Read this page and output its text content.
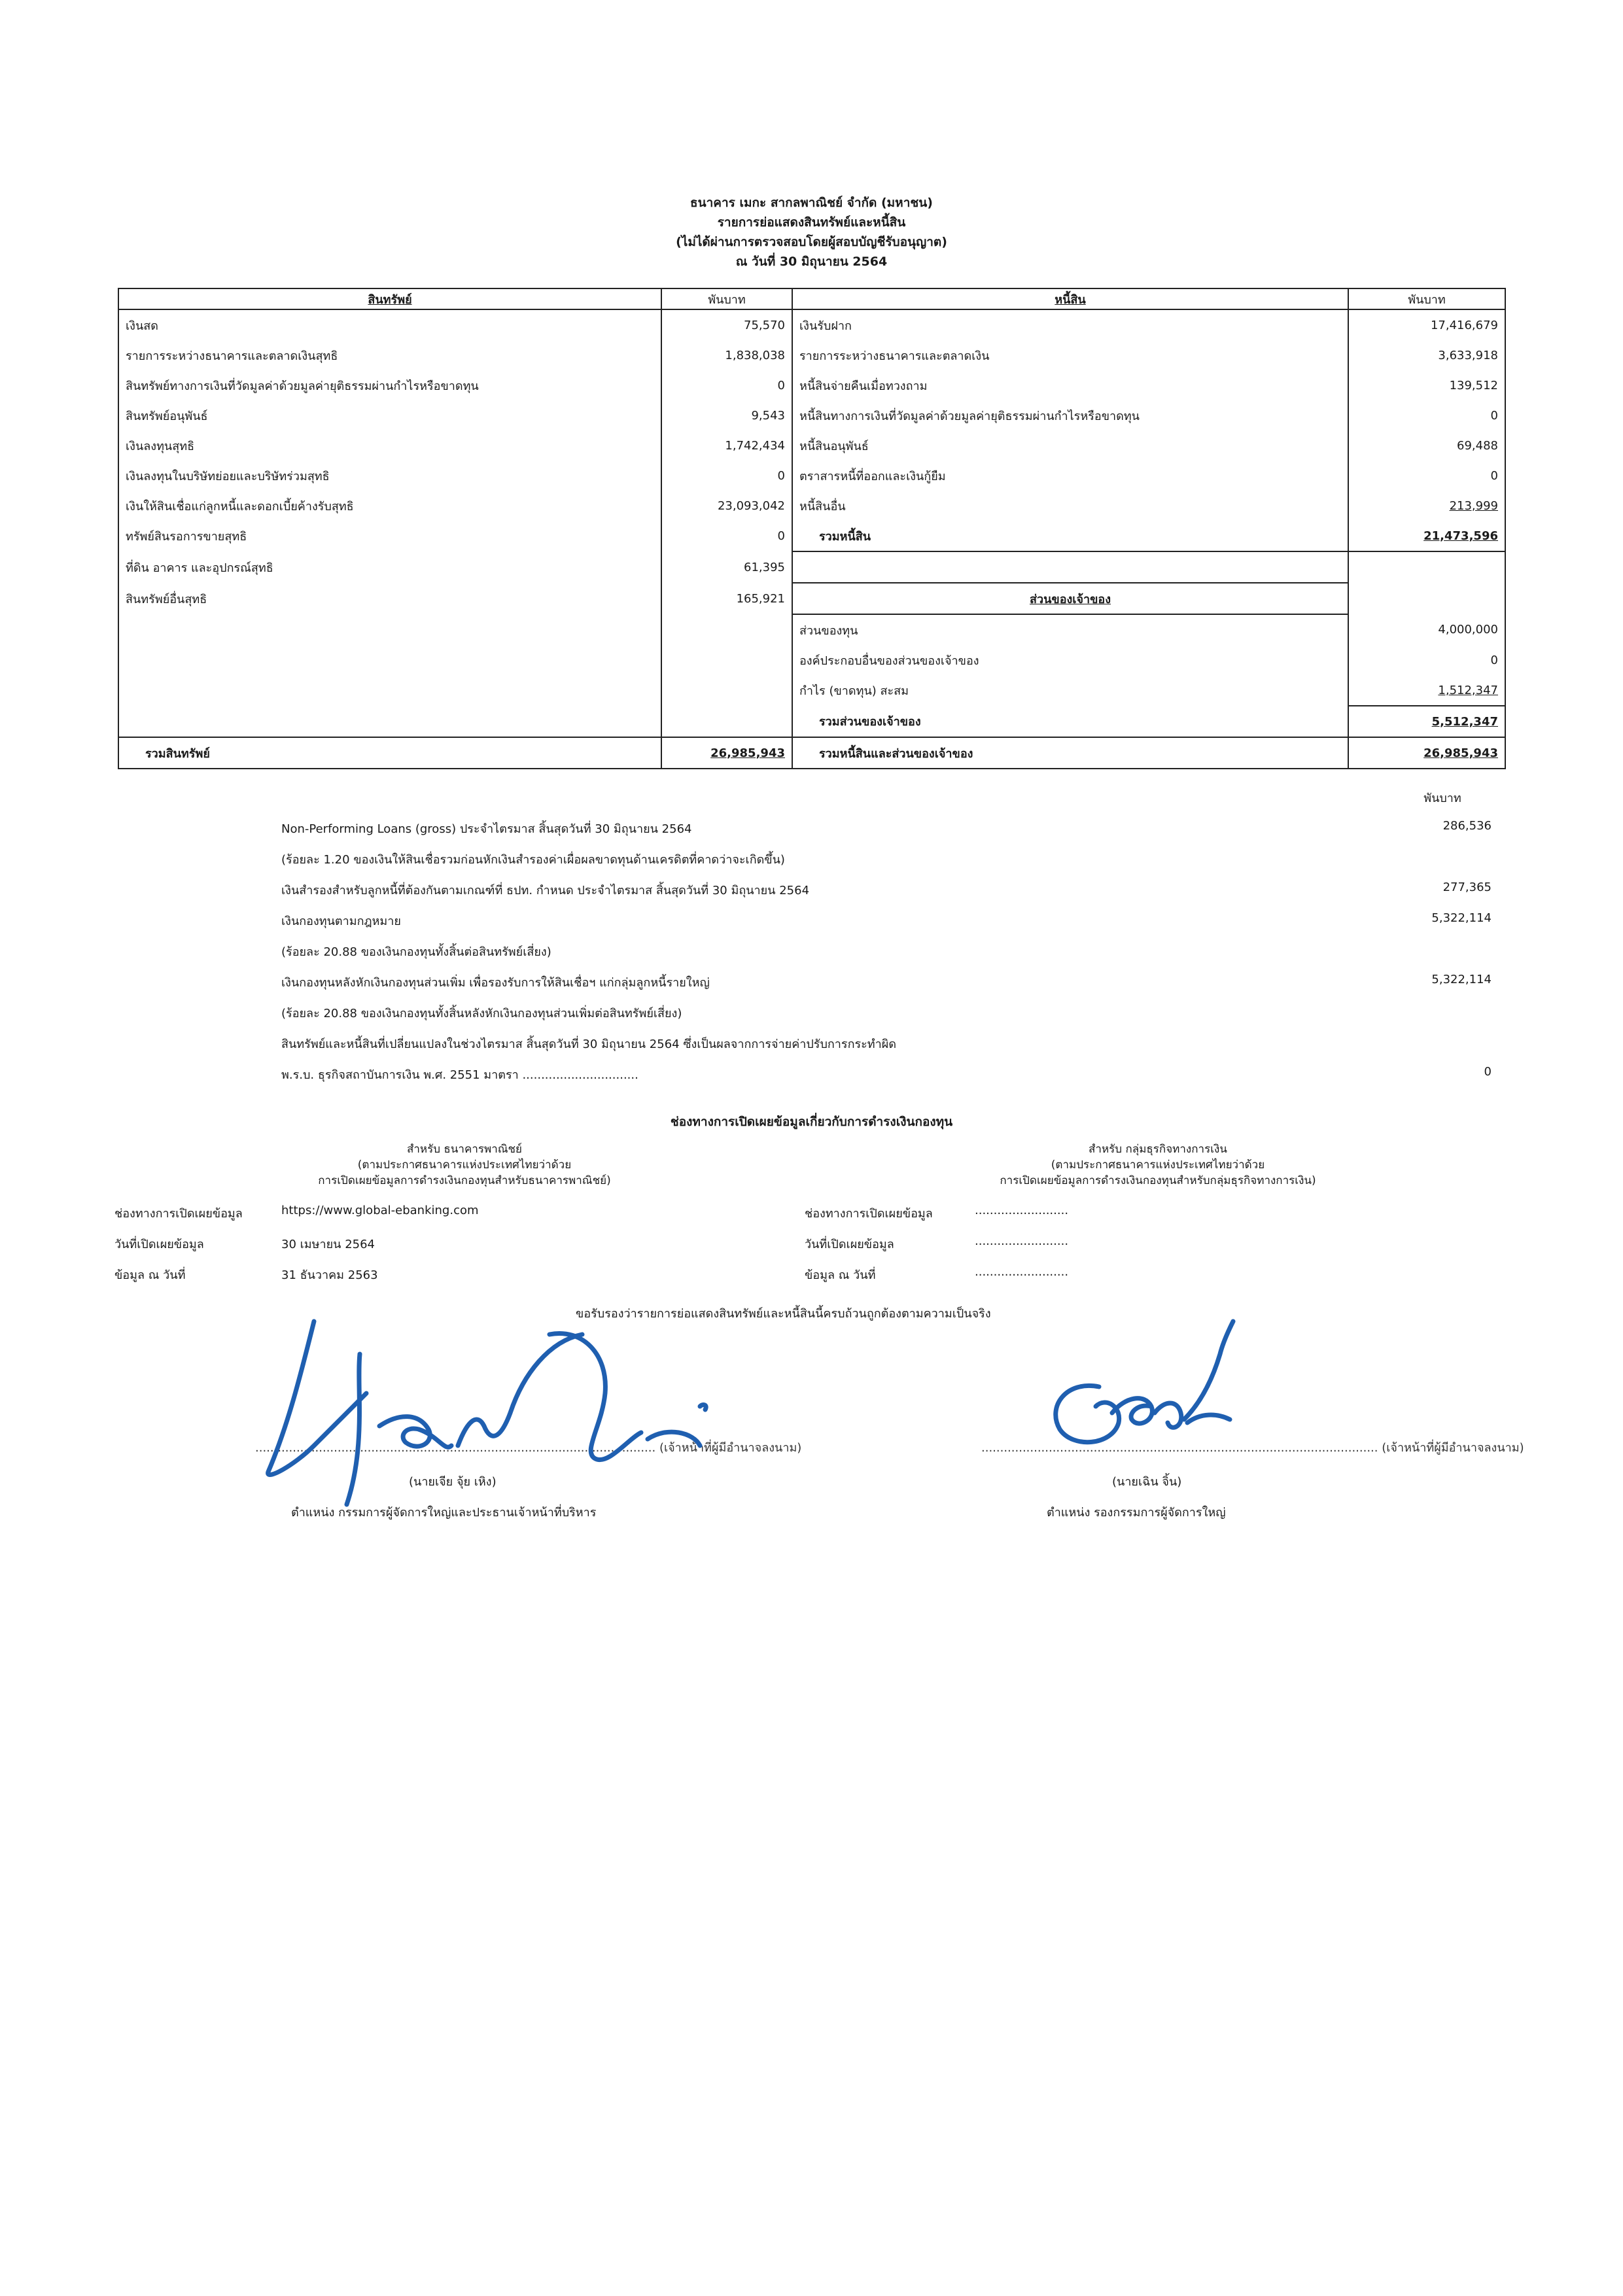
ธนาคาร เมกะ สากลพาณิชย์ จำกัด (มหาชน)
รายการย่อแสดงสินทรัพย์และหนี้สิน
(ไม่ได้ผ่านการตรวจสอบโดยผู้สอบบัญชีรับอนุญาต)
ณ วันที่ 30 มิถุนายน 2564
สินทรัพย์	พันบาท	หนี้สิน	พันบาท
เงินสด	75,570	เงินรับฝาก	17,416,679
รายการระหว่างธนาคารและตลาดเงินสุทธิ	1,838,038	รายการระหว่างธนาคารและตลาดเงิน	3,633,918
สินทรัพย์ทางการเงินที่วัดมูลค่าด้วยมูลค่ายุติธรรมผ่านกำไรหรือขาดทุน	0	หนี้สินจ่ายคืนเมื่อทวงถาม	139,512
สินทรัพย์อนุพันธ์	9,543	หนี้สินทางการเงินที่วัดมูลค่าด้วยมูลค่ายุติธรรมผ่านกำไรหรือขาดทุน	0
เงินลงทุนสุทธิ	1,742,434	หนี้สินอนุพันธ์	69,488
เงินลงทุนในบริษัทย่อยและบริษัทร่วมสุทธิ	0	ตราสารหนี้ที่ออกและเงินกู้ยืม	0
เงินให้สินเชื่อแก่ลูกหนี้และดอกเบี้ยค้างรับสุทธิ	23,093,042	หนี้สินอื่น	213,999
ทรัพย์สินรอการขายสุทธิ	0	รวมหนี้สิน	21,473,596
ที่ดิน อาคาร และอุปกรณ์สุทธิ	61,395		
สินทรัพย์อื่นสุทธิ	165,921	ส่วนของเจ้าของ	
		ส่วนของทุน	4,000,000
		องค์ประกอบอื่นของส่วนของเจ้าของ	0
		กำไร (ขาดทุน) สะสม	1,512,347
		รวมส่วนของเจ้าของ	5,512,347
รวมสินทรัพย์	26,985,943	รวมหนี้สินและส่วนของเจ้าของ	26,985,943
พันบาท
Non-Performing Loans (gross) ประจำไตรมาส สิ้นสุดวันที่ 30 มิถุนายน 2564	286,536
(ร้อยละ 1.20 ของเงินให้สินเชื่อรวมก่อนหักเงินสำรองค่าเผื่อผลขาดทุนด้านเครดิตที่คาดว่าจะเกิดขึ้น)
เงินสำรองสำหรับลูกหนี้ที่ต้องกันตามเกณฑ์ที่ ธปท. กำหนด ประจำไตรมาส สิ้นสุดวันที่ 30 มิถุนายน 2564	277,365
เงินกองทุนตามกฎหมาย	5,322,114
(ร้อยละ 20.88 ของเงินกองทุนทั้งสิ้นต่อสินทรัพย์เสี่ยง)
เงินกองทุนหลังหักเงินกองทุนส่วนเพิ่ม เพื่อรองรับการให้สินเชื่อฯ แก่กลุ่มลูกหนี้รายใหญ่	5,322,114
(ร้อยละ 20.88 ของเงินกองทุนทั้งสิ้นหลังหักเงินกองทุนส่วนเพิ่มต่อสินทรัพย์เสี่ยง)
สินทรัพย์และหนี้สินที่เปลี่ยนแปลงในช่วงไตรมาส สิ้นสุดวันที่ 30 มิถุนายน 2564 ซึ่งเป็นผลจากการจ่ายค่าปรับการกระทำผิด
พ.ร.บ. ธุรกิจสถาบันการเงิน พ.ศ. 2551 มาตรา ...............................	0
ช่องทางการเปิดเผยข้อมูลเกี่ยวกับการดำรงเงินกองทุน
สำหรับ ธนาคารพาณิชย์
(ตามประกาศธนาคารแห่งประเทศไทยว่าด้วย
การเปิดเผยข้อมูลการดำรงเงินกองทุนสำหรับธนาคารพาณิชย์)
สำหรับ กลุ่มธุรกิจทางการเงิน
(ตามประกาศธนาคารแห่งประเทศไทยว่าด้วย
การเปิดเผยข้อมูลการดำรงเงินกองทุนสำหรับกลุ่มธุรกิจทางการเงิน)
ช่องทางการเปิดเผยข้อมูล	https://www.global-ebanking.com
วันที่เปิดเผยข้อมูล	30 เมษายน 2564
ข้อมูล ณ วันที่	31 ธันวาคม 2563
ช่องทางการเปิดเผยข้อมูล	.........................
วันที่เปิดเผยข้อมูล	.........................
ข้อมูล ณ วันที่	.........................
ขอรับรองว่ารายการย่อแสดงสินทรัพย์และหนี้สินนี้ครบถ้วนถูกต้องตามความเป็นจริง
........................................................................................................... (เจ้าหน้าที่ผู้มีอำนาจลงนาม)	.......................................................................................................... (เจ้าหน้าที่ผู้มีอำนาจลงนาม)
(นายเจีย จุ้ย เหิง)	(นายเฉิน จิ้น)
ตำแหน่ง กรรมการผู้จัดการใหญ่และประธานเจ้าหน้าที่บริหาร	ตำแหน่ง รองกรรมการผู้จัดการใหญ่
